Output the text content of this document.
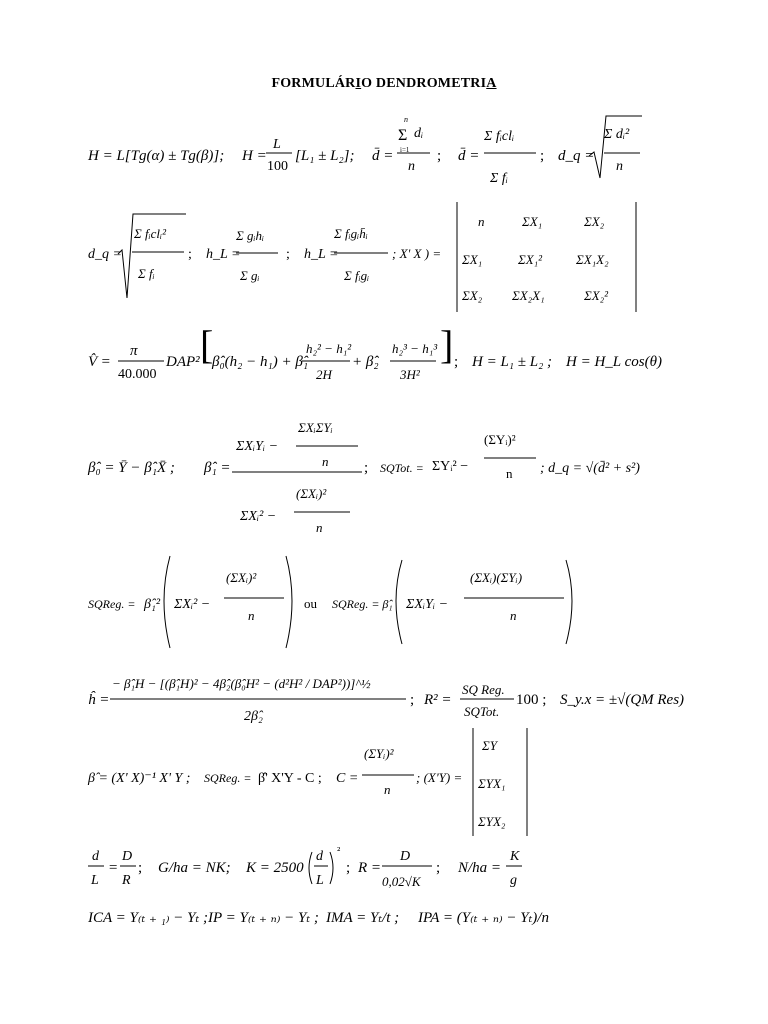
FORMULÁRIO DENDROMETRIA
H = L[Tg(α) ± Tg(β)]; H =
L
100
[L₁ ± L₂]; d̄ =
Σ
n
i=1
dᵢ
n
; d̄ =
Σ fᵢclᵢ
Σ fᵢ
; d_q =
Σ dᵢ²
n
d_q =
Σ fᵢclᵢ²
Σ fᵢ
; h_L =
Σ gᵢhᵢ
Σ gᵢ
; h_L =
Σ fᵢgᵢh̄ᵢ
Σ fᵢgᵢ
; X' X ) =
n	ΣX₁	ΣX₂
ΣX₁	ΣX₁²	ΣX₁X₂
ΣX₂ ΣX₂X₁	ΣX₂²
V̂ =
π
40.000
DAP² [
β̂₀(h₂ − h₁) + β̂₁
h₂² − h₁²
2H
+ β̂₂
h₂³ − h₁³
3H²
] ; H = L₁ ± L₂ ; H = H_L cos(θ)
β̂₀ = Ȳ − β̂₁X̄ ; β̂₁ =
ΣXᵢYᵢ −
ΣXᵢΣYᵢ
n
ΣXᵢ² −
(ΣXᵢ)²
n
; SQTot. = ΣYᵢ² −
(ΣYᵢ)²
n ; d_q = √(d̄² + s²)
SQReg. = β̂₁² ΣXᵢ² −
(ΣXᵢ)²
n
ou SQReg. = β̂₁ ΣXᵢYᵢ −
(ΣXᵢ)(ΣYᵢ)
n
ĥ =
− β̂₁H − [(β̂₁H)² − 4β̂₂(β̂₀H² − (d²H² / DAP²))]^½
2β̂₂
; R² =
SQ Reg.
SQTot.
100 ; S_y.x = ±√(QM Res)
β̂ = (X' X)⁻¹ X' Y ; SQReg. = β̂' X'Y - C ; C =
(ΣYᵢ)²
n
; (X'Y) =
ΣY
ΣYX₁
ΣYX₂
d
L
=
D
R
; G/ha = NK; K = 2500
d
L
²
; R =
D
0,02√K
; N/ha =
K
g
ICA = Y₍ₜ ₊ ₁₎ − Yₜ ; IP = Y₍ₜ ₊ ₙ₎ − Yₜ ; IMA = Yₜ/t ; IPA = (Y₍ₜ ₊ ₙ₎ − Yₜ)/n
